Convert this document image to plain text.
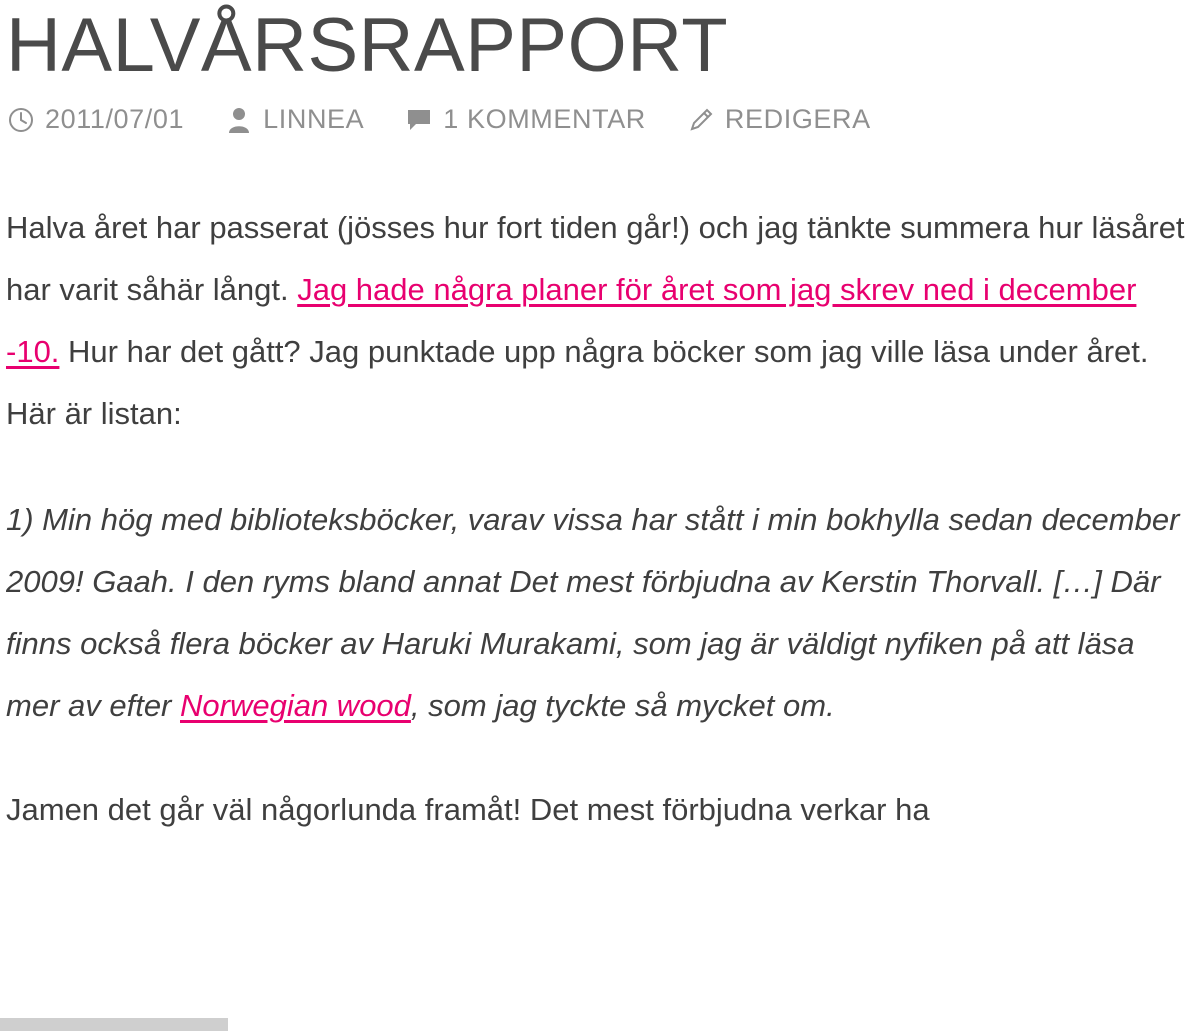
HALVÅRSRAPPORT
2011/07/01	LINNEA	1 KOMMENTAR	REDIGERA

Halva året har passerat (jösses hur fort tiden går!) och jag tänkte summera hur läsåret har varit såhär långt. Jag hade några planer för året som jag skrev ned i december -10. Hur har det gått? Jag punktade upp några böcker som jag ville läsa under året. Här är listan:

1) Min hög med biblioteksböcker, varav vissa har stått i min bokhylla sedan december 2009! Gaah. I den ryms bland annat Det mest förbjudna av Kerstin Thorvall. […] Där finns också flera böcker av Haruki Murakami, som jag är väldigt nyfiken på att läsa mer av efter Norwegian wood, som jag tyckte så mycket om.

Jamen det går väl någorlunda framåt! Det mest förbjudna verkar ha
